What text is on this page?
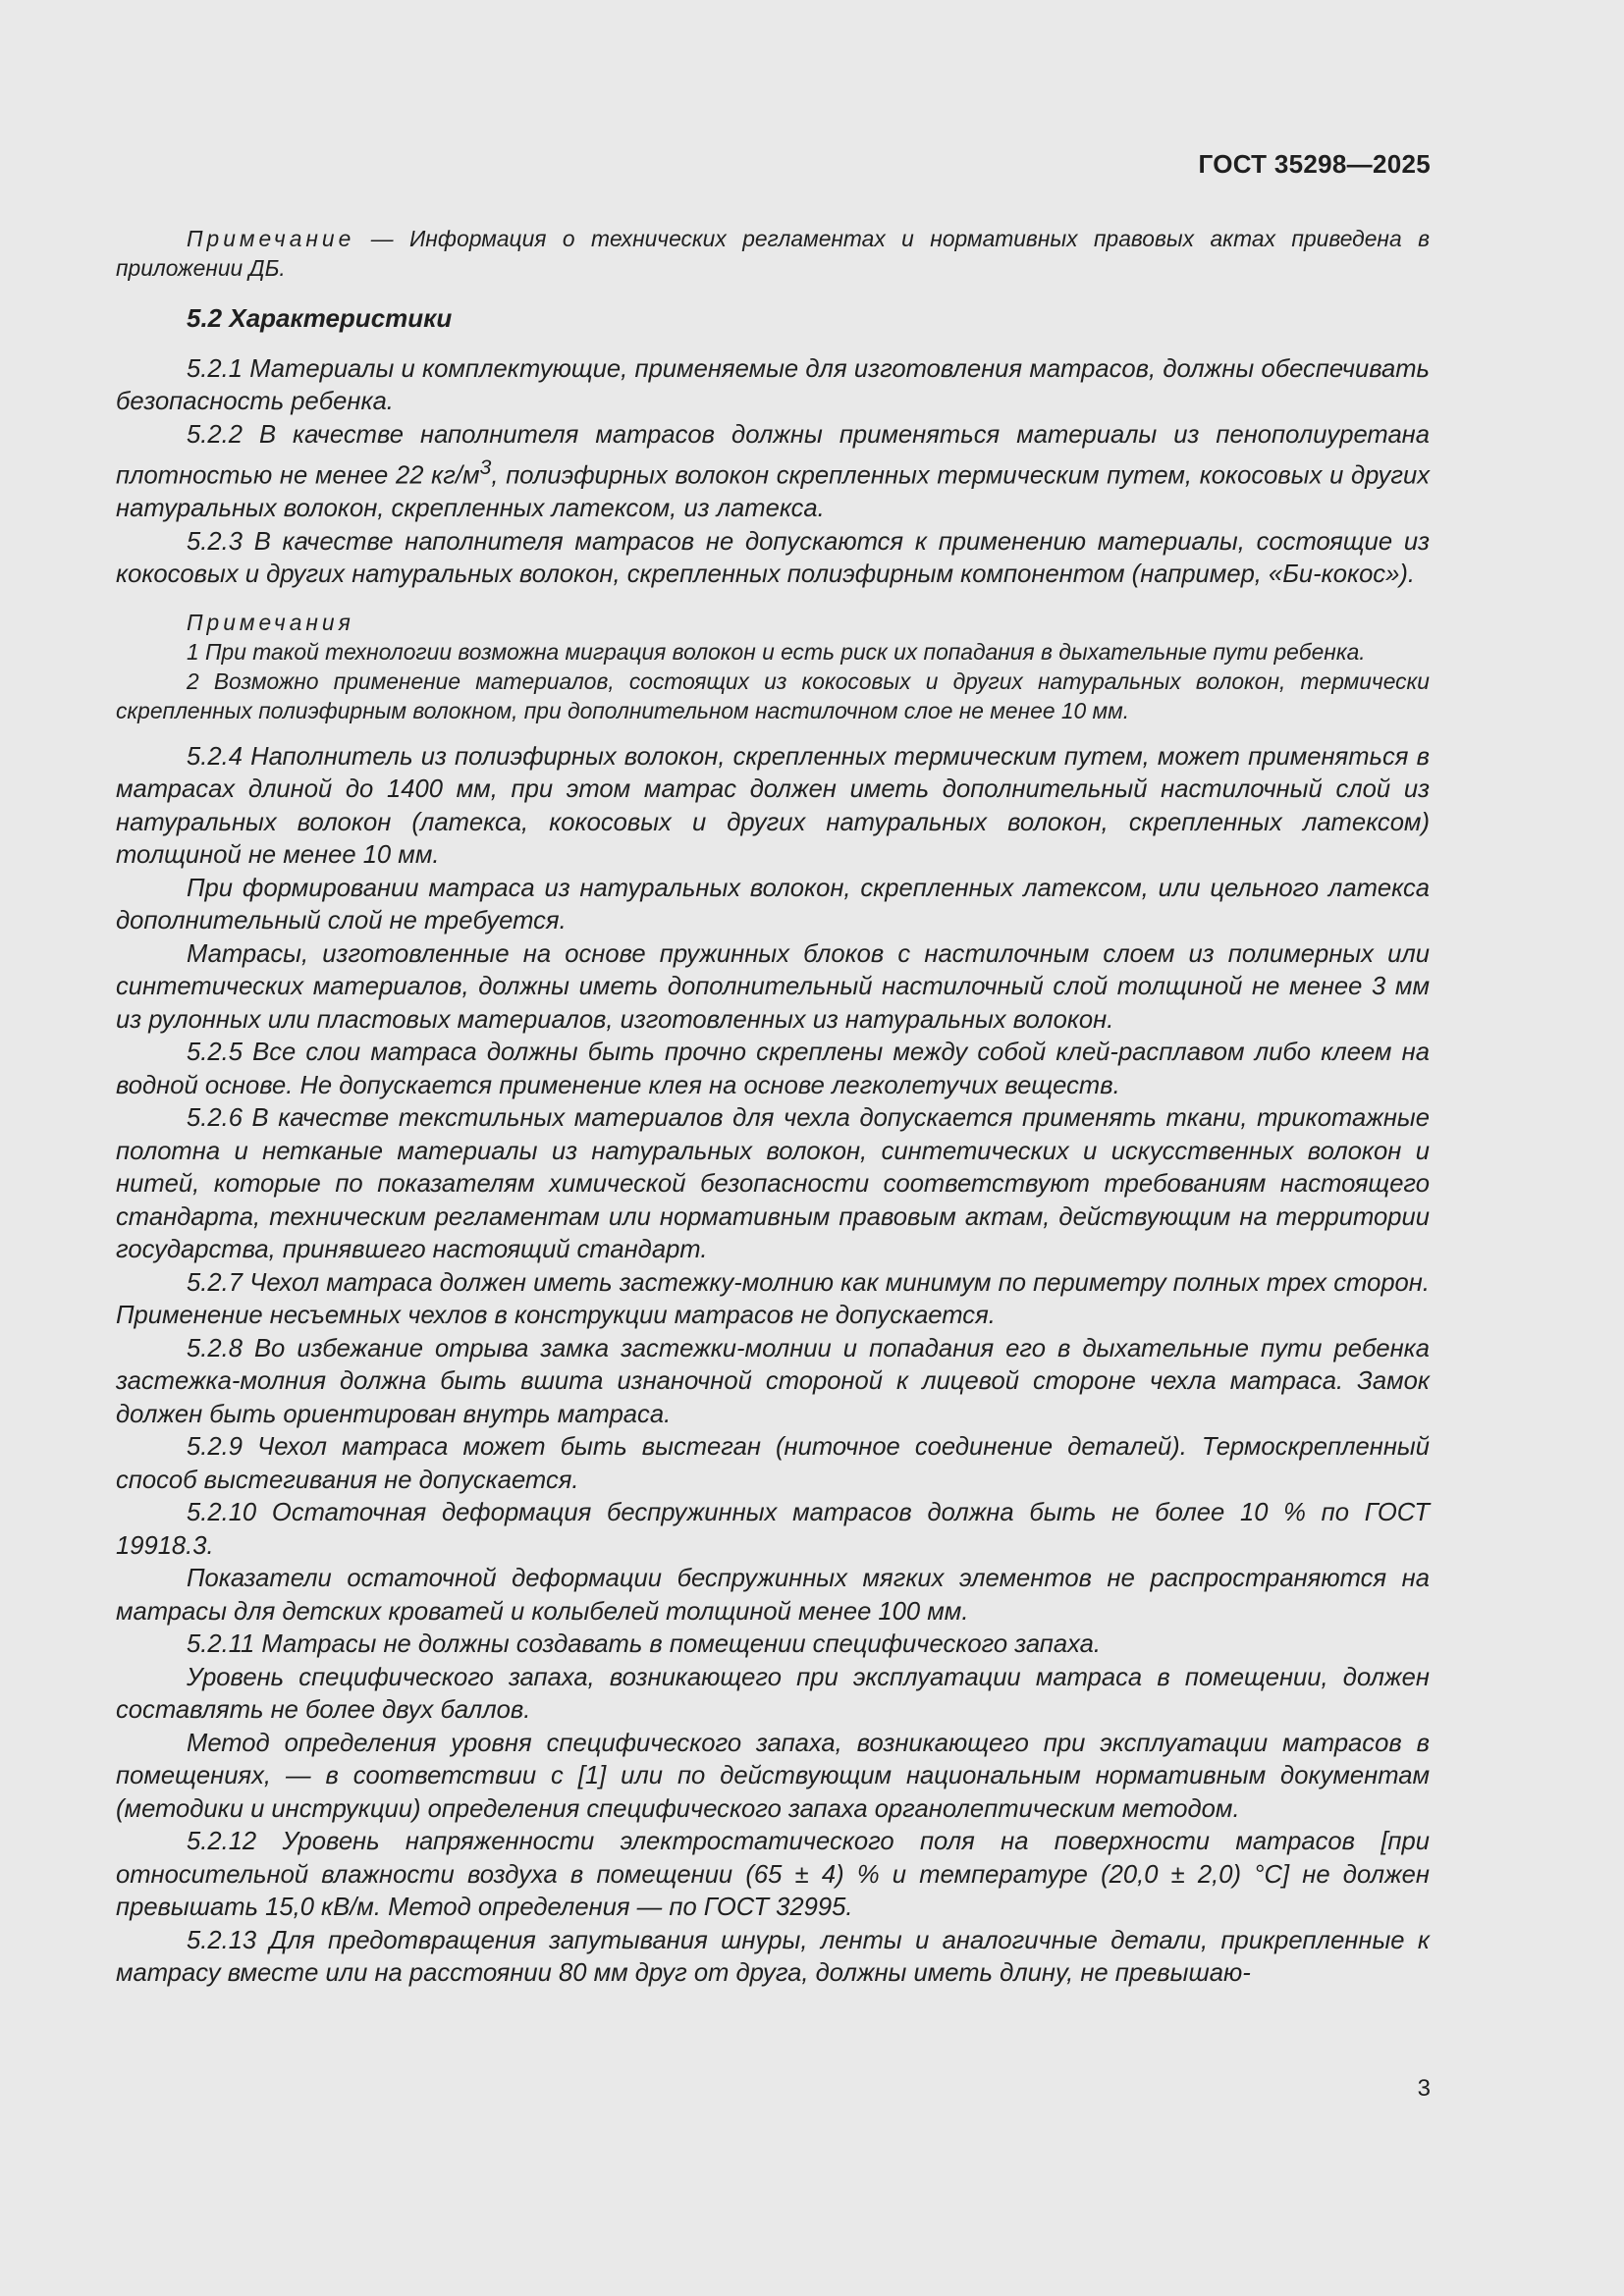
ГОСТ 35298—2025

Примечание — Информация о технических регламентах и нормативных правовых актах приведена в приложении ДБ.

5.2 Характеристики

5.2.1 Материалы и комплектующие, применяемые для изготовления матрасов, должны обеспечивать безопасность ребенка.

5.2.2 В качестве наполнителя матрасов должны применяться материалы из пенополиуретана плотностью не менее 22 $кг/м^3$, полиэфирных волокон скрепленных термическим путем, кокосовых и других натуральных волокон, скрепленных латексом, из латекса.

5.2.3 В качестве наполнителя матрасов не допускаются к применению материалы, состоящие из кокосовых и других натуральных волокон, скрепленных полиэфирным компонентом (например, «Би-кокос»).

Примечания

1 При такой технологии возможна миграция волокон и есть риск их попадания в дыхательные пути ребенка.

2 Возможно применение материалов, состоящих из кокосовых и других натуральных волокон, термически скрепленных полиэфирным волокном, при дополнительном настилочном слое не менее 10 мм.

5.2.4 Наполнитель из полиэфирных волокон, скрепленных термическим путем, может применяться в матрасах длиной до 1400 мм, при этом матрас должен иметь дополнительный настилочный слой из натуральных волокон (латекса, кокосовых и других натуральных волокон, скрепленных латексом) толщиной не менее 10 мм.

При формировании матраса из натуральных волокон, скрепленных латексом, или цельного латекса дополнительный слой не требуется.

Матрасы, изготовленные на основе пружинных блоков с настилочным слоем из полимерных или синтетических материалов, должны иметь дополнительный настилочный слой толщиной не менее 3 мм из рулонных или пластовых материалов, изготовленных из натуральных волокон.

5.2.5 Все слои матраса должны быть прочно скреплены между собой клей-расплавом либо клеем на водной основе. Не допускается применение клея на основе легколетучих веществ.

5.2.6 В качестве текстильных материалов для чехла допускается применять ткани, трикотажные полотна и нетканые материалы из натуральных волокон, синтетических и искусственных волокон и нитей, которые по показателям химической безопасности соответствуют требованиям настоящего стандарта, техническим регламентам или нормативным правовым актам, действующим на территории государства, принявшего настоящий стандарт.

5.2.7 Чехол матраса должен иметь застежку-молнию как минимум по периметру полных трех сторон. Применение несъемных чехлов в конструкции матрасов не допускается.

5.2.8 Во избежание отрыва замка застежки-молнии и попадания его в дыхательные пути ребенка застежка-молния должна быть вшита изнаночной стороной к лицевой стороне чехла матраса. Замок должен быть ориентирован внутрь матраса.

5.2.9 Чехол матраса может быть выстеган (ниточное соединение деталей). Термоскрепленный способ выстегивания не допускается.

5.2.10 Остаточная деформация беспружинных матрасов должна быть не более 10 % по ГОСТ 19918.3.

Показатели остаточной деформации беспружинных мягких элементов не распространяются на матрасы для детских кроватей и колыбелей толщиной менее 100 мм.

5.2.11 Матрасы не должны создавать в помещении специфического запаха.

Уровень специфического запаха, возникающего при эксплуатации матраса в помещении, должен составлять не более двух баллов.

Метод определения уровня специфического запаха, возникающего при эксплуатации матрасов в помещениях, — в соответствии с [1] или по действующим национальным нормативным документам (методики и инструкции) определения специфического запаха органолептическим методом.

5.2.12 Уровень напряженности электростатического поля на поверхности матрасов [при относительной влажности воздуха в помещении (65 ± 4) % и температуре (20,0 ± 2,0) °С] не должен превышать 15,0 кВ/м. Метод определения — по ГОСТ 32995.

5.2.13 Для предотвращения запутывания шнуры, ленты и аналогичные детали, прикрепленные к матрасу вместе или на расстоянии 80 мм друг от друга, должны иметь длину, не превышаю-

3
